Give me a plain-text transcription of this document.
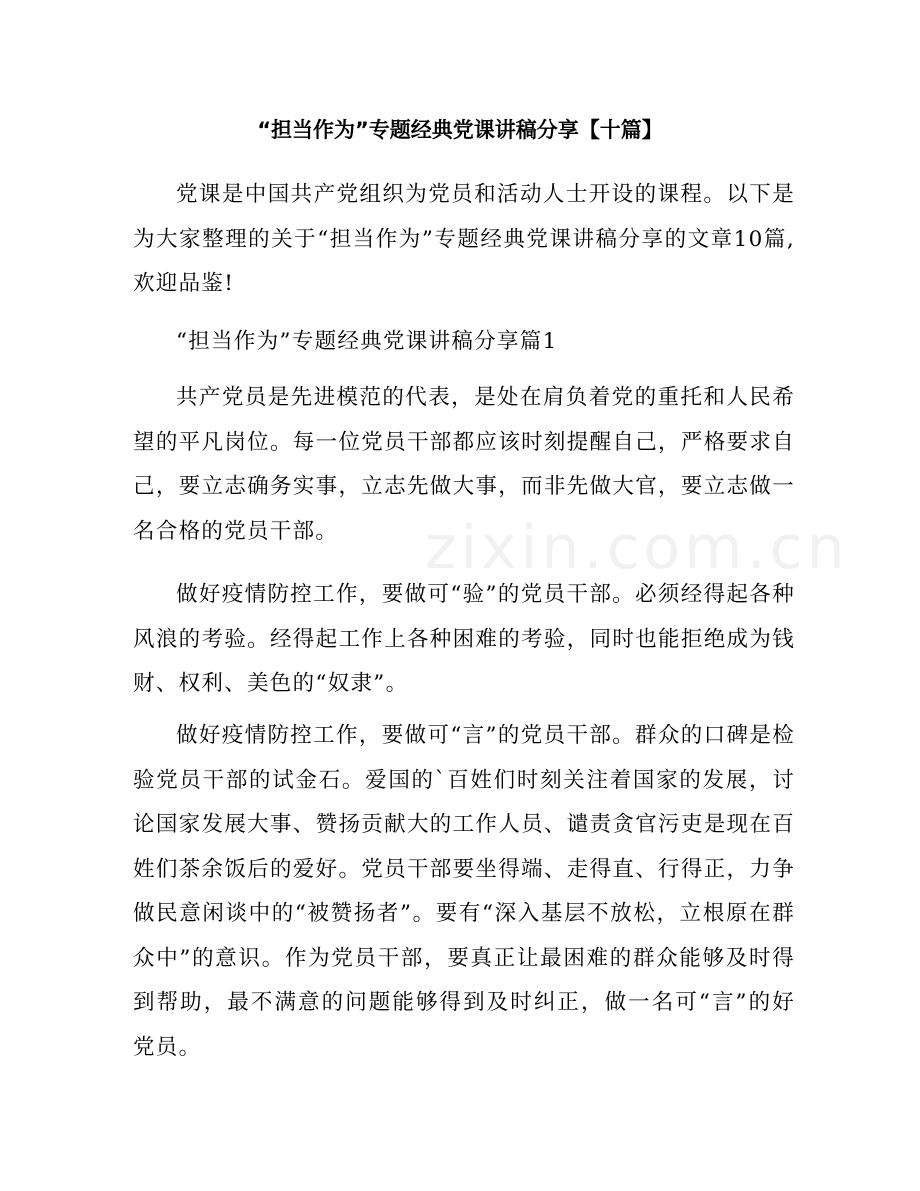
“担当作为”专题经典党课讲稿分享【十篇】

党课是中国共产党组织为党员和活动人士开设的课程。以下是为大家整理的关于“担当作为”专题经典党课讲稿分享的文章10篇,欢迎品鉴!

“担当作为”专题经典党课讲稿分享篇1

共产党员是先进模范的代表，是处在肩负着党的重托和人民希望的平凡岗位。每一位党员干部都应该时刻提醒自己，严格要求自己，要立志确务实事，立志先做大事，而非先做大官，要立志做一名合格的党员干部。

做好疫情防控工作，要做可“验”的党员干部。必须经得起各种风浪的考验。经得起工作上各种困难的考验，同时也能拒绝成为钱财、权利、美色的“奴隶”。

做好疫情防控工作，要做可“言”的党员干部。群众的口碑是检验党员干部的试金石。爱国的`百姓们时刻关注着国家的发展，讨论国家发展大事、赞扬贡献大的工作人员、谴责贪官污吏是现在百姓们茶余饭后的爱好。党员干部要坐得端、走得直、行得正，力争做民意闲谈中的“被赞扬者”。要有“深入基层不放松，立根原在群众中”的意识。作为党员干部，要真正让最困难的群众能够及时得到帮助，最不满意的问题能够得到及时纠正，做一名可“言”的好党员。

zixin.com.cn
